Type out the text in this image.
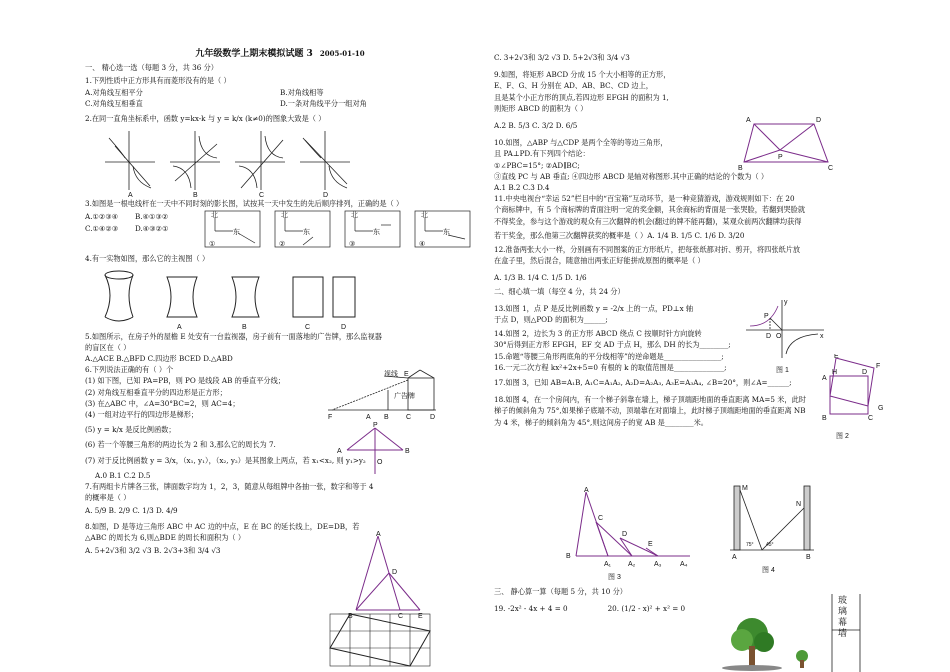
九年级数学上期末模拟试题 3 2005-01-10
一、 精心选一选（每题 3 分，共 36 分）
1.下列性质中正方形具有而菱形没有的是（ ）
A.对角线互相平分	B.对角线相等
C.对角线互相垂直	D.一条对角线平分一组对角
2.在同一直角坐标系中，函数 y=kx-k 与 y = k/x (k≠0)的图象大致是（ ）
A	B	C	D
3.如图是一根电线杆在一天中不同时刻的影长图，试按其一天中发生的先后顺序排列，正确的是（ ）
A.①②③④	B.④①③②
C.①④②③	D.④③②①
北
东
①
北
东
②
北
东
③
北
东
④
4.有一实物如图，那么它的主视图（ ）
A	B	C	D
5.如图所示，在房子外的屋檐 E 处安有一台监视器，房子前有一面落地的广告牌，那么监视器的盲区在（ ）
A.△ACE B.△BFD C.四边形 BCED D.△ABD
6.下列说法正确的有（ ）个
(1) 如下图，已知 PA=PB，则 PO 是线段 AB 的垂直平分线；
(2) 对角线互相垂直平分的四边形是正方形；
(3) 在△ABC 中，∠A=30°BC=2，则 AC=4；
(4) 一组对边平行的四边形是梯形；
(5) y = k/x 是反比例函数；
(6) 若一个等腰三角形的两边长为 2 和 3,那么它的周长为 7.
(7) 对于反比例函数 y = 3/x，（x₁, y₁），（x₂, y₂）是其图象上两点，若 x₁<x₂, 则 y₁>y₂
A.0 B.1 C.2 D.5
7.有两组卡片牌各三张，牌面数字均为 1，2，3，随意从每组牌中各抽一张，数字和等于 4 的概率是（ ）
A. 5/9 B. 2/9 C. 1/3 D. 4/9
8.如图，D 是等边三角形 ABC 中 AC 边的中点，E 在 BC 的延长线上，DE=DB，若△ABC 的周长为 6,则△BDE 的周长和面积为（ ）
A. 5+2√3和 3/2 √3 B. 2√3+3和 3/4 √3
视线 E
广告牌
F	A B C	D
P
A	B
O
A
D
B	C E
C. 3+2√3和 3/2 √3 D. 5+2√3和 3/4 √3
9.如图，将矩形 ABCD 分成 15 个大小相等的正方形，
E、F、G、H 分别在 AD、AB、BC、CD 边上，
且是某个小正方形的顶点,若四边形 EFGH 的面积为 1,
则矩形 ABCD 的面积为（ ）
A.2 B. 5/3 C. 3/2 D. 6/5
10.如图，△ABP 与△CDP 是两个全等的等边三角形，
且 PA⊥PD.有下列四个结论：
①∠PBC=15°; ②AD∥BC;
③直线 PC 与 AB 垂直; ④四边形 ABCD 是轴对称图形.其中正确的结论的个数为（ ）
A.1 B.2 C.3 D.4
11.中央电视台“幸运 52”栏目中的“百宝箱”互动环节，是一种竞猜游戏，游戏规则如下：在 20
个商标牌中，有 5 个商标牌的背面注明一定的奖金额，其余商标的背面是一张哭脸，若翻到哭脸就
不得奖金，参与这个游戏的观众有三次翻牌的机会(翻过的牌不能再翻)，某观众前两次翻牌均获得
若干奖金，那么他第三次翻牌获奖的概率是（ ）A. 1/4 B. 1/5 C. 1/6 D. 3/20
12.准备两张大小一样，分别画有不同图案的正方形纸片，把每张纸都对折、剪开，将四张纸片放
在盒子里，然后混合，随意抽出两张正好能拼成原图的概率是（ ）
A. 1/3 B. 1/4 C. 1/5 D. 1/6
二、细心填一填（每空 4 分，共 24 分）
13.如图 1，点 P 是反比例函数 y = -2/x 上的一点，PD⊥x 轴
于点 D，则△POD 的面积为______;
14.如图 2，边长为 3 的正方形 ABCD 绕点 C 按顺时针方向旋转
30°后得到正方形 EFGH，EF 交 AD 于点 H，那么 DH 的长为________;
15.命题“等腰三角形两底角的平分线相等”的逆命题是________________;
16.一元二次方程 kx²+2x+5=0 有根的 k 的取值范围是______________;
17.如图 3，已知 AB=A₁B, A₁C=A₁A₂, A₂D=A₂A₃, A₃E=A₃A₄, ∠B=20°，则∠A=______;
18.如图 4，在一个房间内，有一个梯子斜靠在墙上，梯子顶端距地面的垂直距离 MA=5 米，此时
梯子的倾斜角为 75°,如果梯子底端不动，顶端靠在对面墙上，此时梯子顶端距地面的垂直距离 NB
为 4 米，梯子的倾斜角为 45°,则这间房子的宽 AB 是________米。
A	D
P
B	C
y
P
D O	x
图 1
E
H
A
D
F
B	C
G
图 2
A
B
C
D
E
A₁ A₂	A₃	A₄
图 3
M
N
A	B
75° 45°
图 4
三、 静心算一算（每题 5 分，共 10 分）
19. -2x² - 4x + 4 = 0	20. (1/2 - x)² + x² = 0
玻璃幕墙
